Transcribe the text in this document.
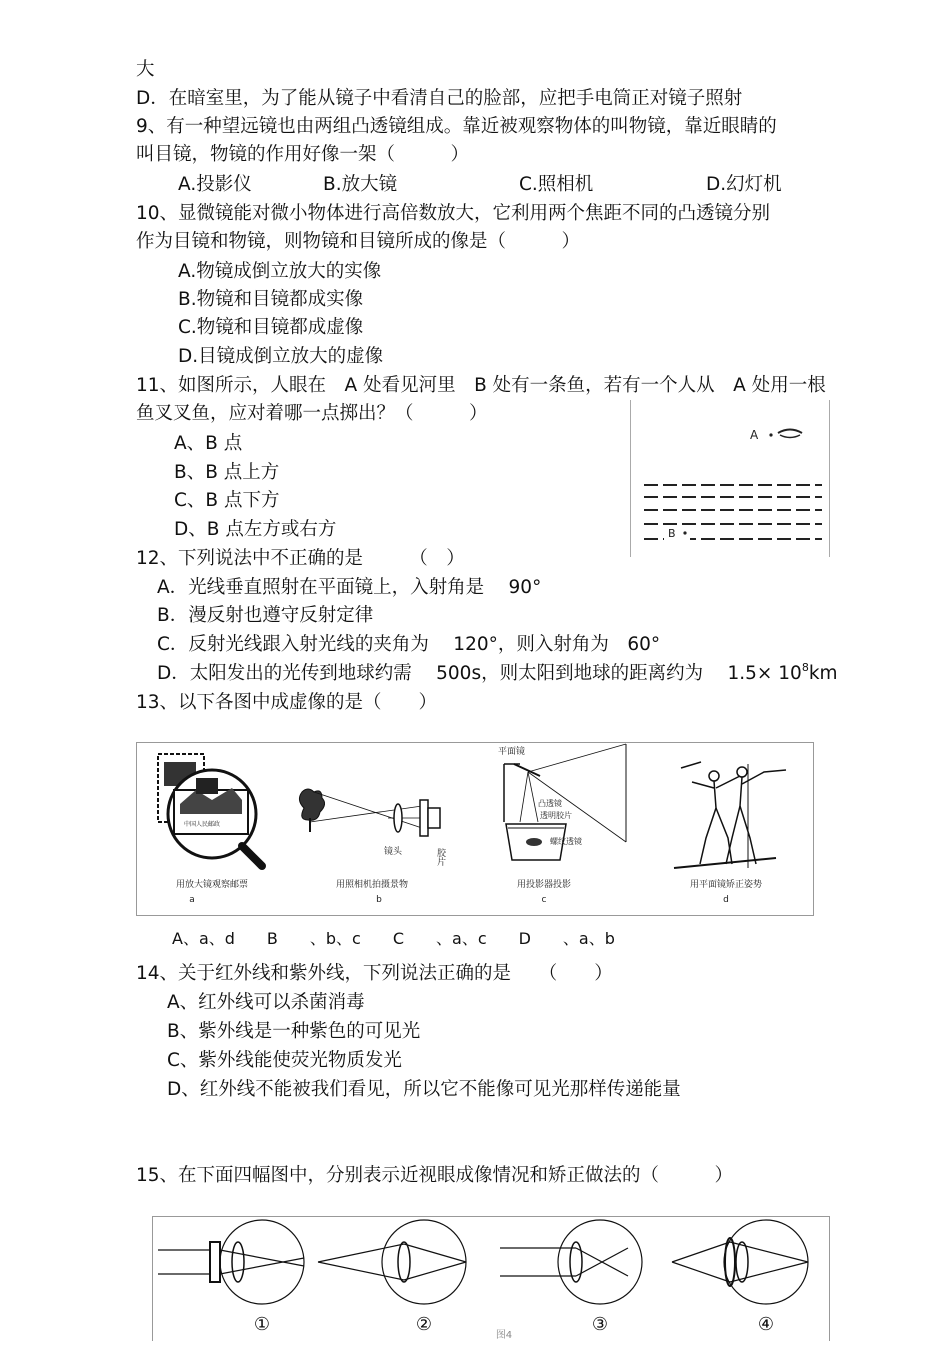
大
D．在暗室里，为了能从镜子中看清自己的脸部，应把手电筒正对镜子照射
9、有一种望远镜也由两组凸透镜组成。靠近被观察物体的叫物镜，靠近眼睛的
叫目镜，物镜的作用好像一架（　　　）
A.投影仪	B.放大镜	C.照相机	D.幻灯机
10、显微镜能对微小物体进行高倍数放大，它利用两个焦距不同的凸透镜分别
作为目镜和物镜，则物镜和目镜所成的像是（　　　）
A.物镜成倒立放大的实像
B.物镜和目镜都成实像
C.物镜和目镜都成虚像
D.目镜成倒立放大的虚像
11、如图所示，人眼在　A 处看见河里　B 处有一条鱼，若有一个人从　A 处用一根
鱼叉叉鱼，应对着哪一点掷出？（　　　）
A、B 点
B、B 点上方
C、B 点下方
D、B 点左方或右方
12、下列说法中不正确的是　　　（　）
A．光线垂直照射在平面镜上，入射角是　 90°
B．漫反射也遵守反射定律
C．反射光线跟入射光线的夹角为　 120°，则入射角为　60°
D．太阳发出的光传到地球约需　 500s，则太阳到地球的距离约为　 $1.5\times 10^8km$
13、以下各图中成虚像的是（　　）
A、a、d　　B　　、b、c　　C　　、a、c　　D　　、a、b
14、关于红外线和紫外线，下列说法正确的是　　（　　）
A、红外线可以杀菌消毒
B、紫外线是一种紫色的可见光
C、紫外线能使荧光物质发光
D、红外线不能被我们看见，所以它不能像可见光那样传递能量
15、在下面四幅图中，分别表示近视眼成像情况和矫正做法的（　　　）
A
B
中国人民邮政
用放大镜观察邮票
a
镜头	胶片
用照相机拍摄景物
b
平面镜
凸透镜
透明胶片
螺纹透镜
用投影器投影
c
用平面镜矫正姿势
d
①	②	③	④
图4
